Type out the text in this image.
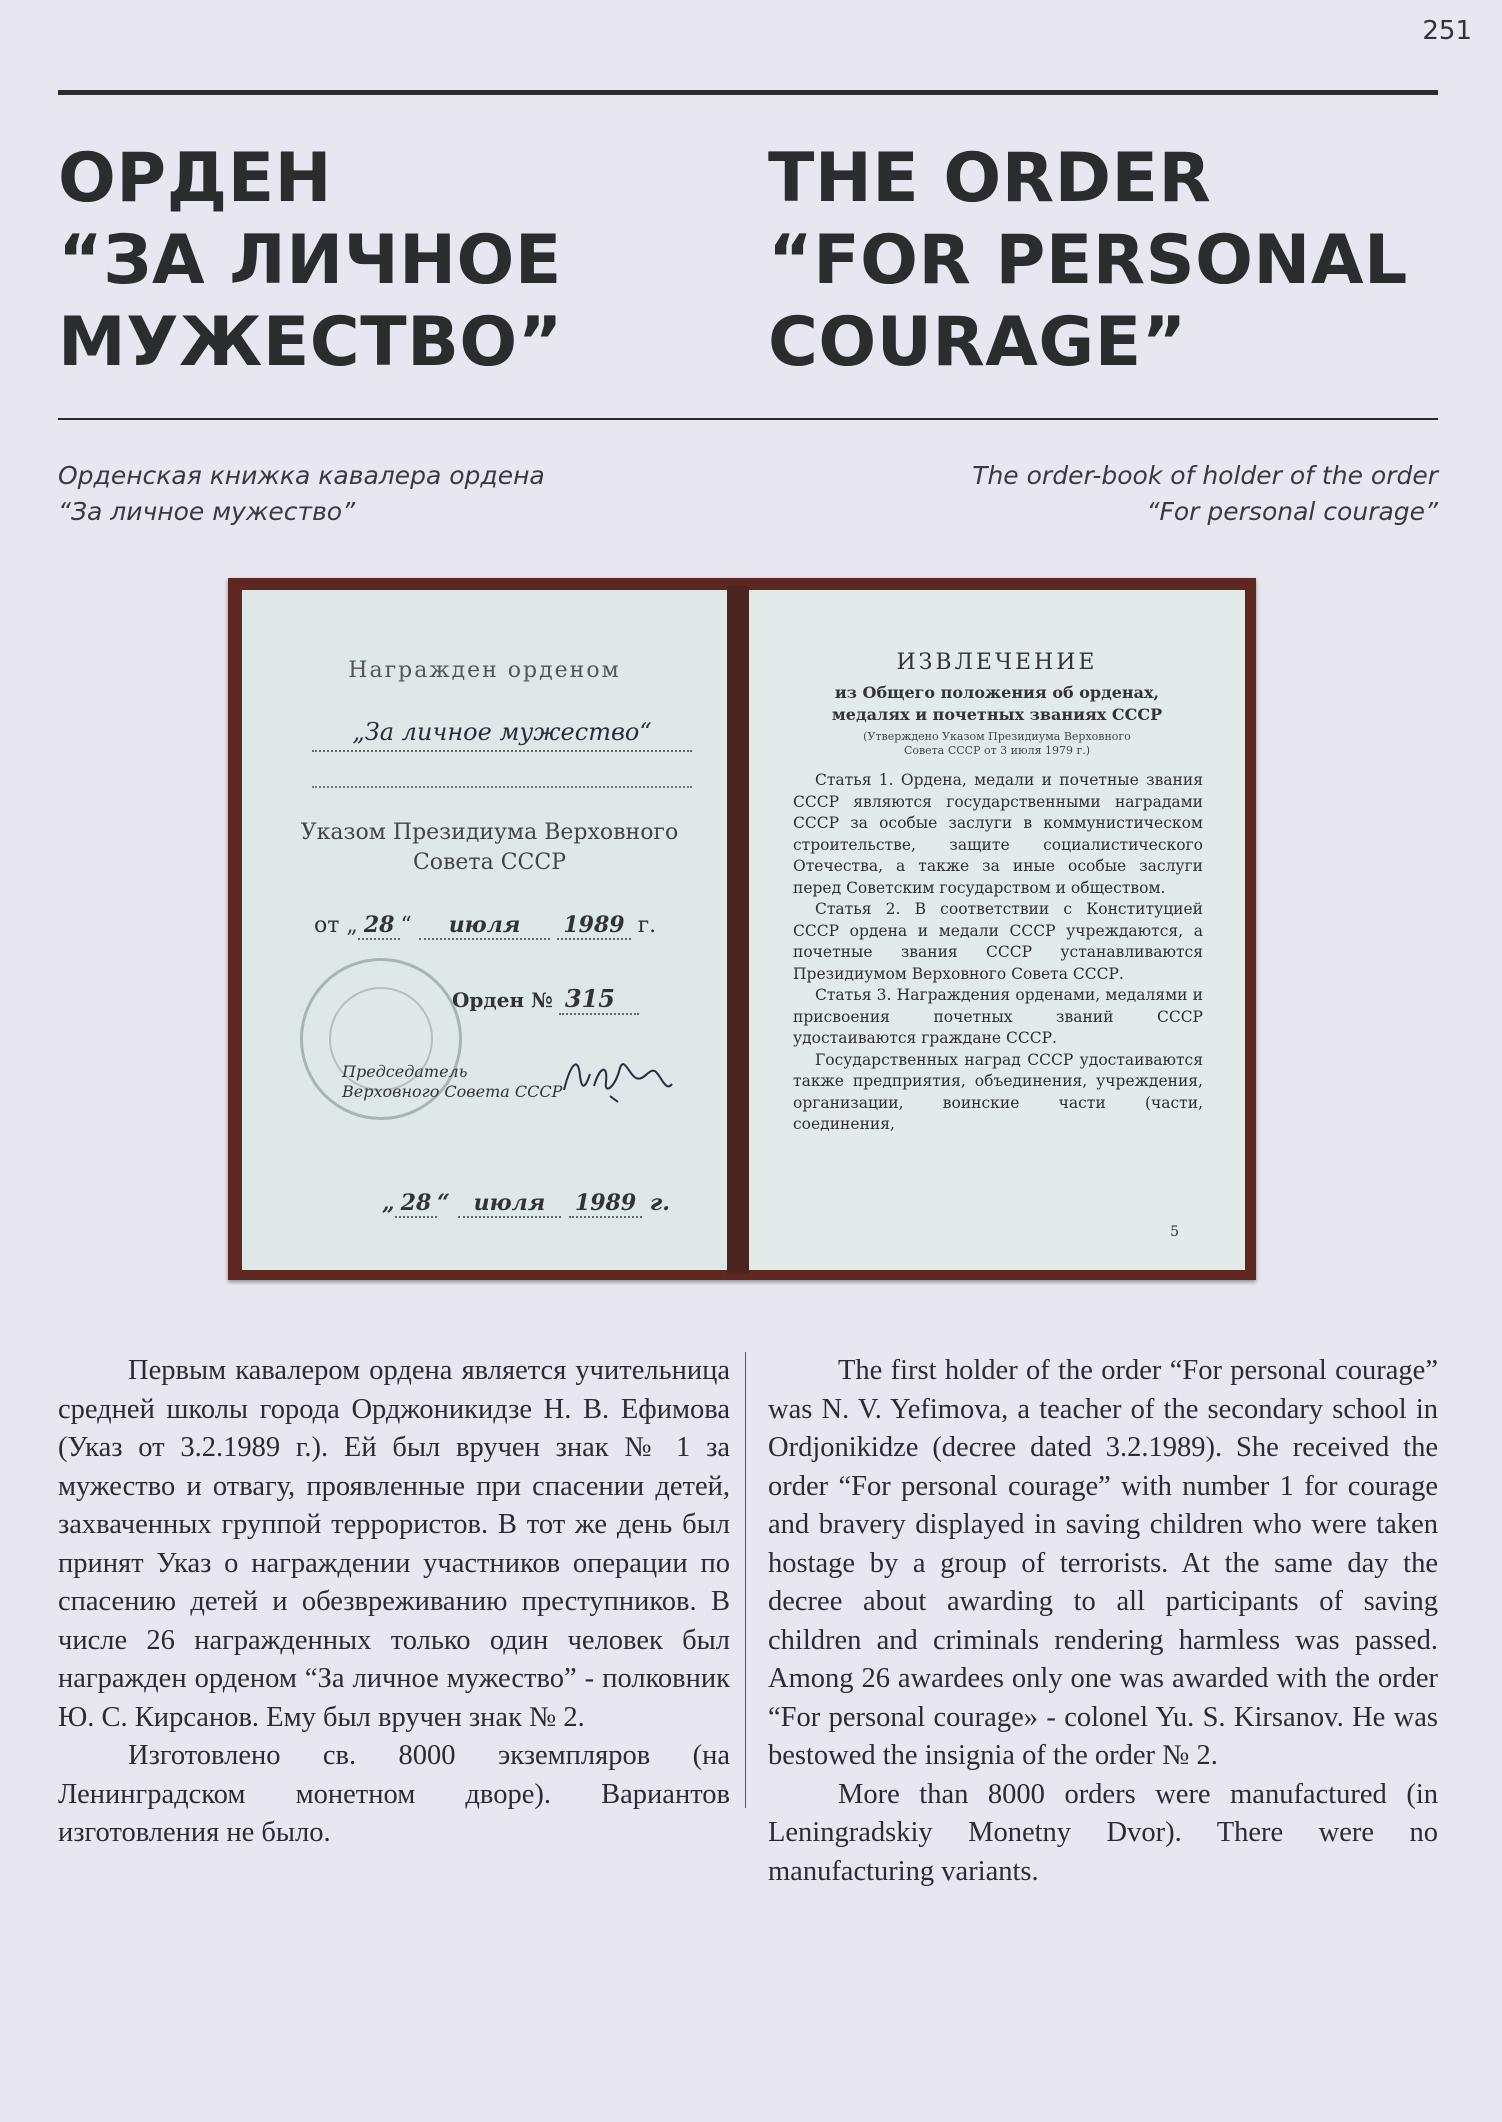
251
ОРДЕН
“ЗА ЛИЧНОЕ
МУЖЕСТВО”
THE ORDER
“FOR PERSONAL
COURAGE”
Орденская книжка кавалера ордена
“За личное мужество”
The order-book of holder of the order
“For personal courage”
Награжден орденом
„За личное мужество“
Указом Президиума Верховного
Совета СССР
от „ 28 “ июля 1989 г.
Орден № 315
Председатель
Верховного Совета СССР
„ 28 “ июля 1989 г.
ИЗВЛЕЧЕНИЕ
из Общего положения об орденах,
медалях и почетных званиях СССР
(Утверждено Указом Президиума Верховного
Совета СССР от 3 июля 1979 г.)

Статья 1. Ордена, медали и почетные звания СССР являются государственными наградами СССР за особые заслуги в коммунистическом строительстве, защите социалистического Отечества, а также за иные особые заслуги перед Советским государством и обществом.

Статья 2. В соответствии с Конституцией СССР ордена и медали СССР учреждаются, а почетные звания СССР устанавливаются Президиумом Верховного Совета СССР.

Статья 3. Награждения орденами, медалями и присвоения почетных званий СССР удостаиваются граждане СССР.

Государственных наград СССР удостаиваются также предприятия, объединения, учреждения, организации, воинские части (части, соединения,

5

Первым кавалером ордена является учительница средней школы города Орджоникидзе Н. В. Ефимова (Указ от 3.2.1989 г.). Ей был вручен знак № 1 за мужество и отвагу, проявленные при спасении детей, захваченных группой террористов. В тот же день был принят Указ о награждении участников операции по спасению детей и обезвреживанию преступников. В числе 26 награжденных только один человек был награжден орденом “За личное мужество” - полковник Ю. С. Кирсанов. Ему был вручен знак № 2.

Изготовлено св. 8000 экземпляров (на Ленинградском монетном дворе). Вариантов изготовления не было.

The first holder of the order “For personal courage” was N. V. Yefimova, a teacher of the secondary school in Ordjonikidze (decree dated 3.2.1989). She received the order “For personal courage” with number 1 for courage and bravery displayed in saving children who were taken hostage by a group of terrorists. At the same day the decree about awarding to all participants of saving children and criminals rendering harmless was passed. Among 26 awardees only one was awarded with the order “For personal courage» - colonel Yu. S. Kirsanov. He was bestowed the insignia of the order № 2.

More than 8000 orders were manufactured (in Leningradskiy Monetny Dvor). There were no manufacturing variants.
